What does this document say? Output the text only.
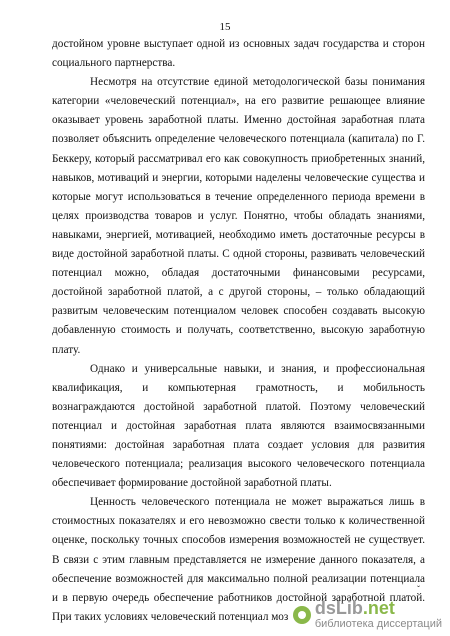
15

достойном уровне выступает одной из основных задач государства и сторон социального партнерства.

Несмотря на отсутствие единой методологической базы понимания категории «человеческий потенциал», на его развитие решающее влияние оказывает уровень заработной платы. Именно достойная заработная плата позволяет объяснить определение человеческого потенциала (капитала) по Г. Беккеру, который рассматривал его как совокупность приобретенных знаний, навыков, мотиваций и энергии, которыми наделены человеческие существа и которые могут использоваться в течение определенного периода времени в целях производства товаров и услуг. Понятно, чтобы обладать знаниями, навыками, энергией, мотивацией, необходимо иметь достаточные ресурсы в виде достойной заработной платы. С одной стороны, развивать человеческий потенциал можно, обладая достаточными финансовыми ресурсами, достойной заработной платой, а с другой стороны, – только обладающий развитым человеческим потенциалом человек способен создавать высокую добавленную стоимость и получать, соответственно, высокую заработную плату.

Однако и универсальные навыки, и знания, и профессиональная квалификация, и компьютерная грамотность, и мобильность вознаграждаются достойной заработной платой. Поэтому человеческий потенциал и достойная заработная плата являются взаимосвязанными понятиями: достойная заработная плата создает условия для развития человеческого потенциала; реализация высокого человеческого потенциала обеспечивает формирование достойной заработной платы.

Ценность человеческого потенциала не может выражаться лишь в стоимостных показателях и его невозможно свести только к количественной оценке, поскольку точных способов измерения возможностей не существует. В связи с этим главным представляется не измерение данного показателя, а обеспечение возможностей для максимально полной реализации потенциала и в первую очередь обеспечение работников достойной заработной платой. При таких условиях человеческий потенциал моз

ˇ
dsLib.net
библиотека диссертаций
